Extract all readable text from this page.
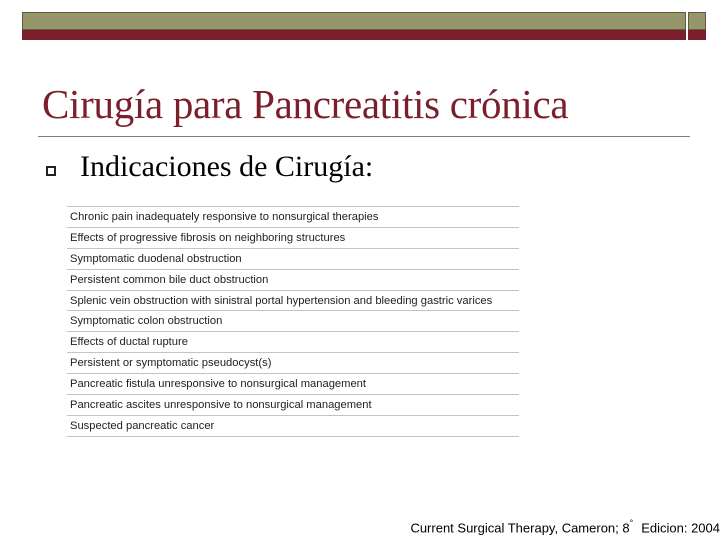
Cirugía para Pancreatitis crónica
Indicaciones de Cirugía:
Chronic pain inadequately responsive to nonsurgical therapies
Effects of progressive fibrosis on neighboring structures
Symptomatic duodenal obstruction
Persistent common bile duct obstruction
Splenic vein obstruction with sinistral portal hypertension and bleeding gastric varices
Symptomatic colon obstruction
Effects of ductal rupture
Persistent or symptomatic pseudocyst(s)
Pancreatic fistula unresponsive to nonsurgical management
Pancreatic ascites unresponsive to nonsurgical management
Suspected pancreatic cancer
Current Surgical Therapy, Cameron; 8° Edicion: 2004
